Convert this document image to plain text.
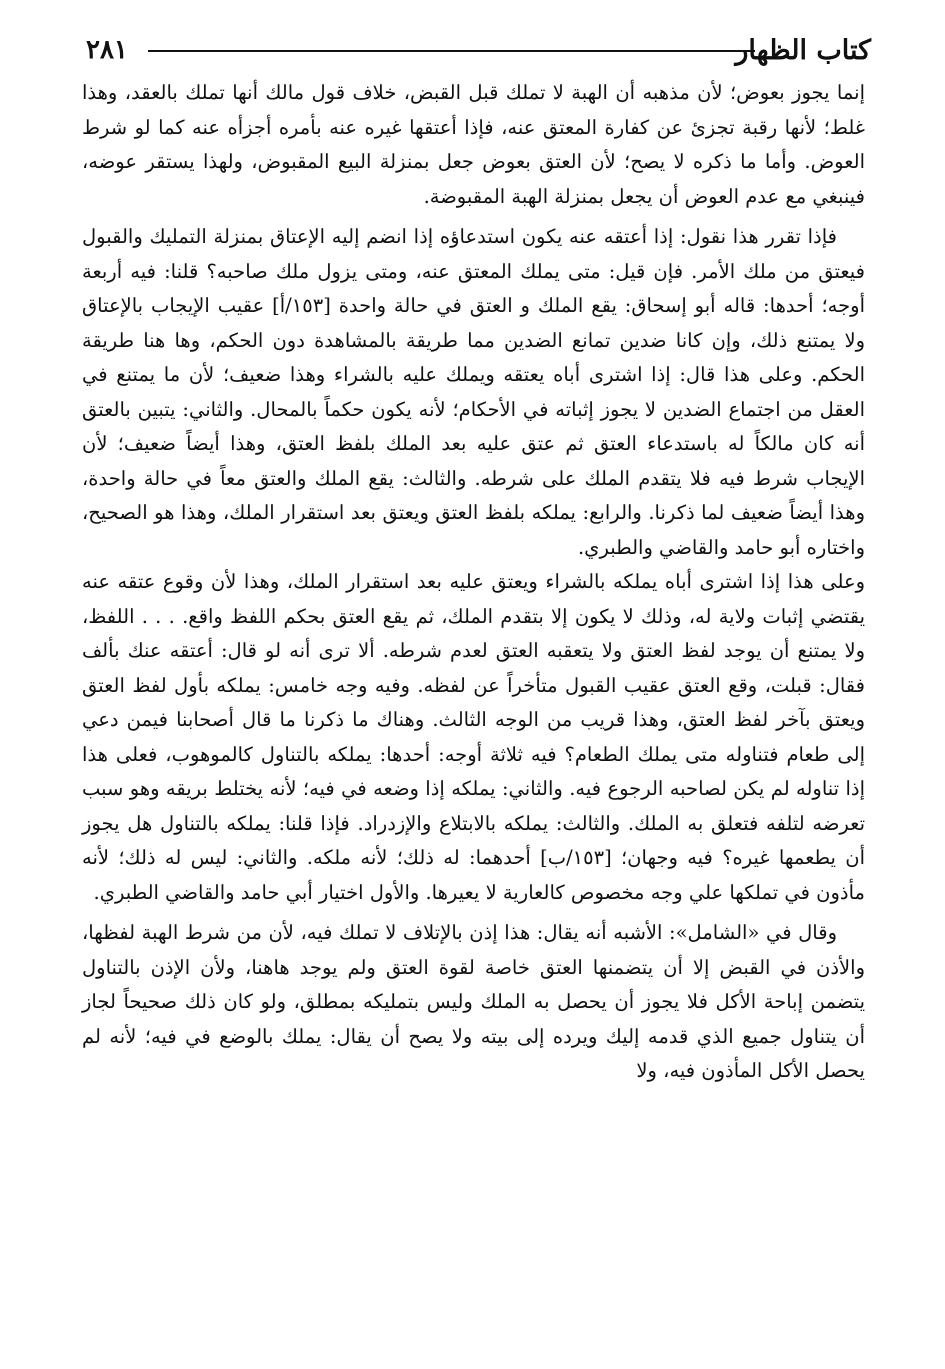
كتاب الظهار
٢٨١

إنما يجوز بعوض؛ لأن مذهبه أن الهبة لا تملك قبل القبض، خلاف قول مالك أنها تملك بالعقد، وهذا غلط؛ لأنها رقبة تجزئ عن كفارة المعتق عنه، فإذا أعتقها غيره عنه بأمره أجزأه عنه كما لو شرط العوض. وأما ما ذكره لا يصح؛ لأن العتق بعوض جعل بمنزلة البيع المقبوض، ولهذا يستقر عوضه، فينبغي مع عدم العوض أن يجعل بمنزلة الهبة المقبوضة.

فإذا تقرر هذا نقول: إذا أعتقه عنه يكون استدعاؤه إذا انضم إليه الإعتاق بمنزلة التمليك والقبول فيعتق من ملك الأمر. فإن قيل: متى يملك المعتق عنه، ومتى يزول ملك صاحبه؟ قلنا: فيه أربعة أوجه؛ أحدها: قاله أبو إسحاق: يقع الملك و العتق في حالة واحدة [١٥٣/أ] عقيب الإيجاب بالإعتاق ولا يمتنع ذلك، وإن كانا ضدين تمانع الضدين مما طريقة بالمشاهدة دون الحكم، وها هنا طريقة الحكم. وعلى هذا قال: إذا اشترى أباه يعتقه ويملك عليه بالشراء وهذا ضعيف؛ لأن ما يمتنع في العقل من اجتماع الضدين لا يجوز إثباته في الأحكام؛ لأنه يكون حكماً بالمحال. والثاني: يتبين بالعتق أنه كان مالكاً له باستدعاء العتق ثم عتق عليه بعد الملك بلفظ العتق، وهذا أيضاً ضعيف؛ لأن الإيجاب شرط فيه فلا يتقدم الملك على شرطه. والثالث: يقع الملك والعتق معاً في حالة واحدة، وهذا أيضاً ضعيف لما ذكرنا. والرابع: يملكه بلفظ العتق ويعتق بعد استقرار الملك، وهذا هو الصحيح، واختاره أبو حامد والقاضي والطبري.

وعلى هذا إذا اشترى أباه يملكه بالشراء ويعتق عليه بعد استقرار الملك، وهذا لأن وقوع عتقه عنه يقتضي إثبات ولاية له، وذلك لا يكون إلا بتقدم الملك، ثم يقع العتق بحكم اللفظ واقع. . . . اللفظ، ولا يمتنع أن يوجد لفظ العتق ولا يتعقبه العتق لعدم شرطه. ألا ترى أنه لو قال: أعتقه عنك بألف فقال: قبلت، وقع العتق عقيب القبول متأخراً عن لفظه. وفيه وجه خامس: يملكه بأول لفظ العتق ويعتق بآخر لفظ العتق، وهذا قريب من الوجه الثالث. وهناك ما ذكرنا ما قال أصحابنا فيمن دعي إلى طعام فتناوله متى يملك الطعام؟ فيه ثلاثة أوجه: أحدها: يملكه بالتناول كالموهوب، فعلى هذا إذا تناوله لم يكن لصاحبه الرجوع فيه. والثاني: يملكه إذا وضعه في فيه؛ لأنه يختلط بريقه وهو سبب تعرضه لتلفه فتعلق به الملك. والثالث: يملكه بالابتلاع والإزدراد. فإذا قلنا: يملكه بالتناول هل يجوز أن يطعمها غيره؟ فيه وجهان؛ [١٥٣/ب] أحدهما: له ذلك؛ لأنه ملكه. والثاني: ليس له ذلك؛ لأنه مأذون في تملكها علي وجه مخصوص كالعارية لا يعيرها. والأول اختيار أبي حامد والقاضي الطبري.

وقال في «الشامل»: الأشبه أنه يقال: هذا إذن بالإتلاف لا تملك فيه، لأن من شرط الهبة لفظها، والأذن في القبض إلا أن يتضمنها العتق خاصة لقوة العتق ولم يوجد هاهنا، ولأن الإذن بالتناول يتضمن إباحة الأكل فلا يجوز أن يحصل به الملك وليس بتمليكه بمطلق، ولو كان ذلك صحيحاً لجاز أن يتناول جميع الذي قدمه إليك ويرده إلى بيته ولا يصح أن يقال: يملك بالوضع في فيه؛ لأنه لم يحصل الأكل المأذون فيه، ولا
